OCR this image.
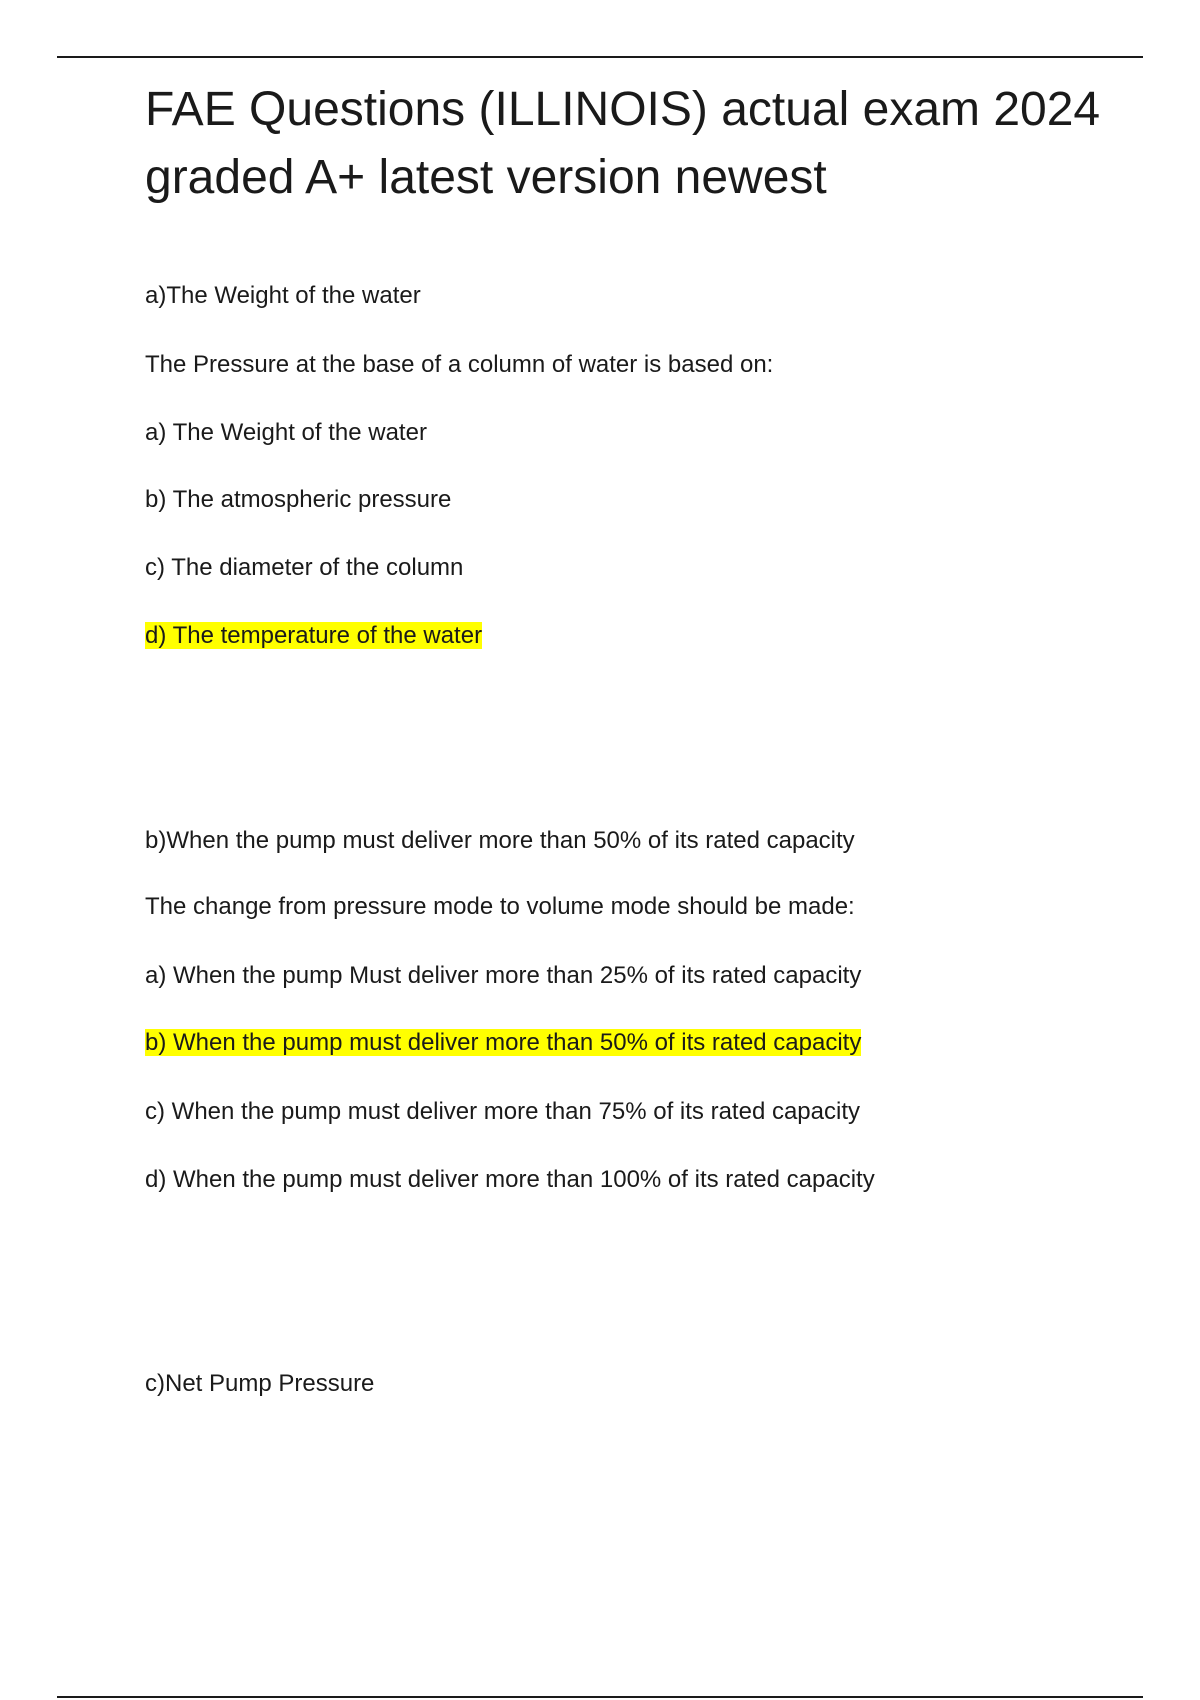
FAE Questions (ILLINOIS) actual exam 2024 graded A+ latest version newest
a)The Weight of the water
The Pressure at the base of a column of water is based on:
a) The Weight of the water
b) The atmospheric pressure
c) The diameter of the column
d) The temperature of the water
b)When the pump must deliver more than 50% of its rated capacity
The change from pressure mode to volume mode should be made:
a) When the pump Must deliver more than 25% of its rated capacity
b) When the pump must deliver more than 50% of its rated capacity
c) When the pump must deliver more than 75% of its rated capacity
d) When the pump must deliver more than 100% of its rated capacity
c)Net Pump Pressure
